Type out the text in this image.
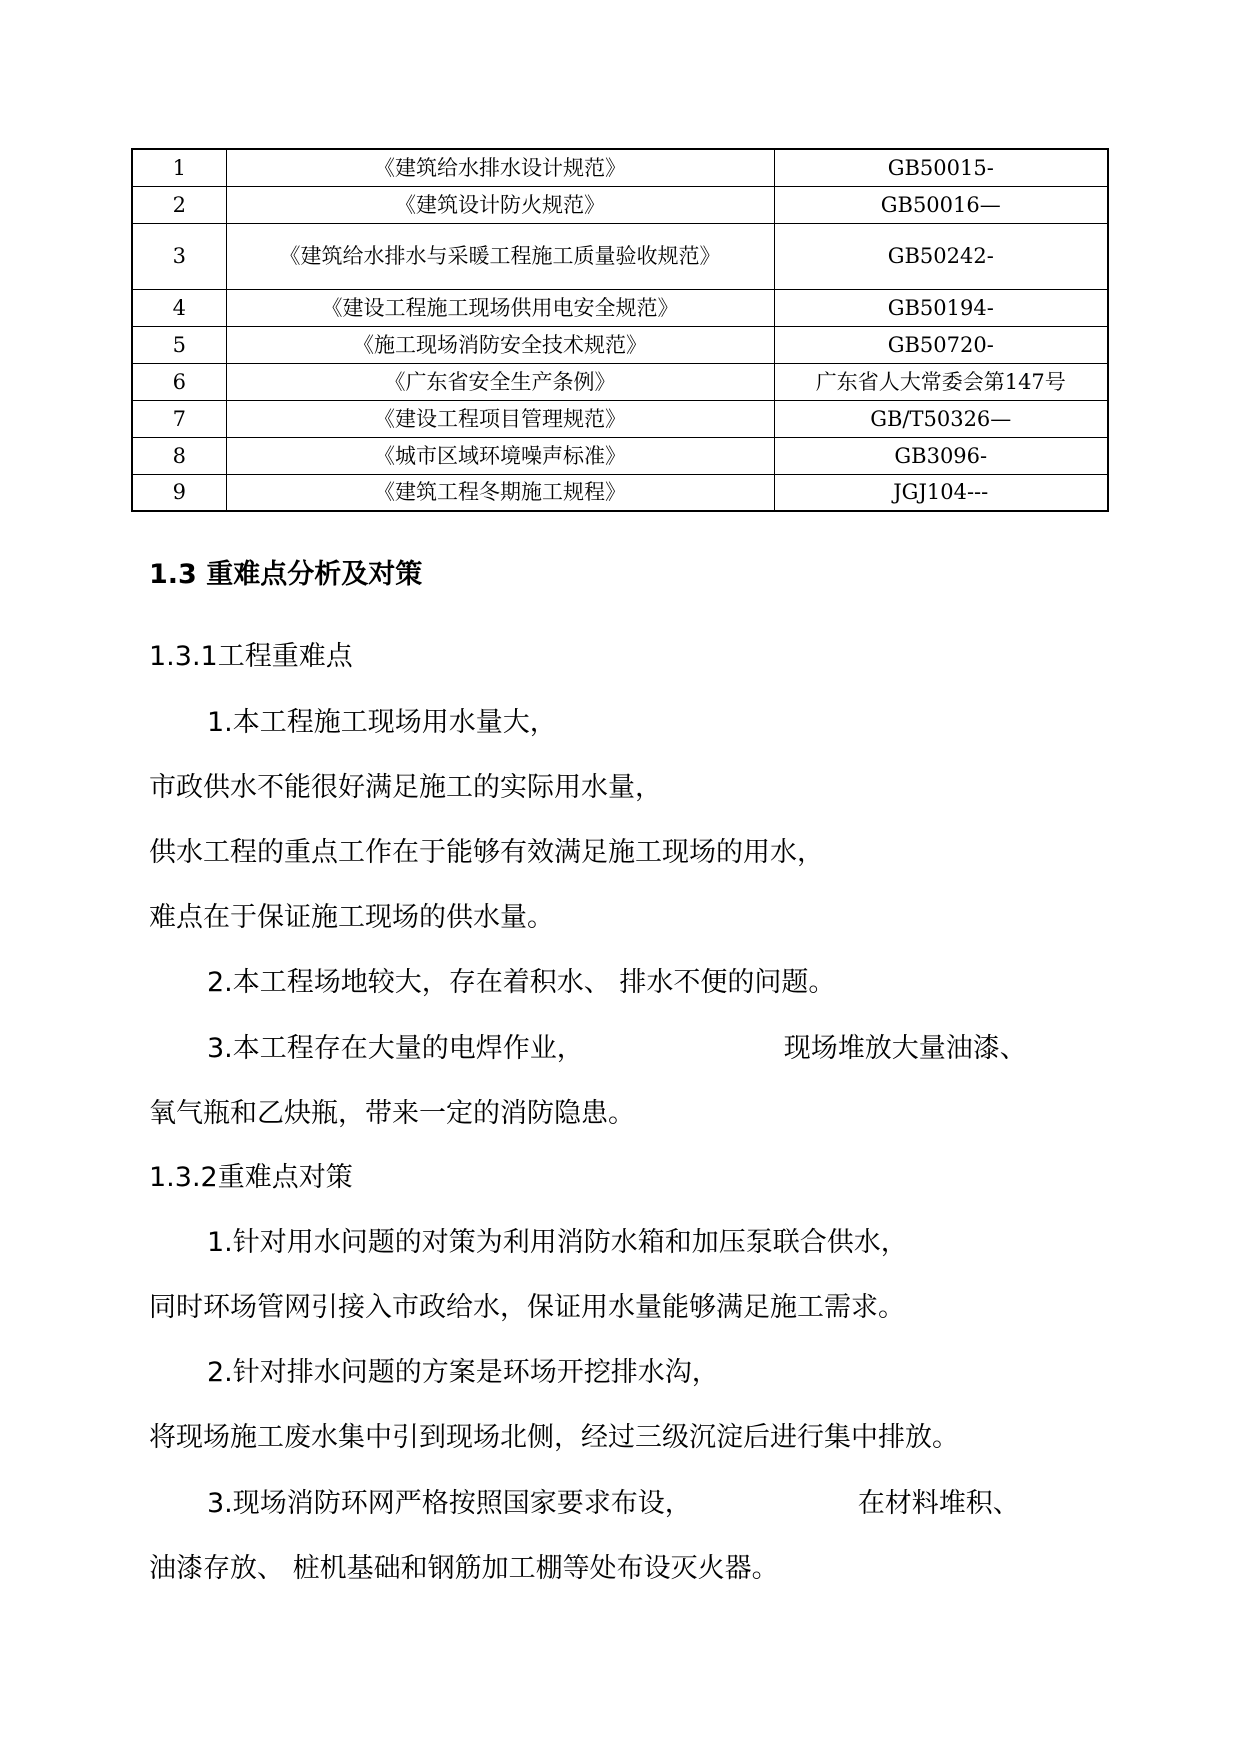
1	《建筑给水排水设计规范》	GB50015-
2	《建筑设计防火规范》	GB50016—
3	《建筑给水排水与采暖工程施工质量验收规范》	GB50242-
4	《建设工程施工现场供用电安全规范》	GB50194-
5	《施工现场消防安全技术规范》	GB50720-
6	《广东省安全生产条例》	广东省人大常委会第147号
7	《建设工程项目管理规范》	GB/T50326—
8	《城市区域环境噪声标准》	GB3096-
9	《建筑工程冬期施工规程》	JGJ104---
1.3 重难点分析及对策
1.3.1工程重难点
1.本工程施工现场用水量大，
市政供水不能很好满足施工的实际用水量，
供水工程的重点工作在于能够有效满足施工现场的用水，
难点在于保证施工现场的供水量。
2.本工程场地较大，存在着积水、 排水不便的问题。
3.本工程存在大量的电焊作业，	现场堆放大量油漆、
氧气瓶和乙炔瓶，带来一定的消防隐患。
1.3.2重难点对策
1.针对用水问题的对策为利用消防水箱和加压泵联合供水，
同时环场管网引接入市政给水，保证用水量能够满足施工需求。
2.针对排水问题的方案是环场开挖排水沟，
将现场施工废水集中引到现场北侧，经过三级沉淀后进行集中排放。
3.现场消防环网严格按照国家要求布设，	在材料堆积、
油漆存放、 桩机基础和钢筋加工棚等处布设灭火器。
